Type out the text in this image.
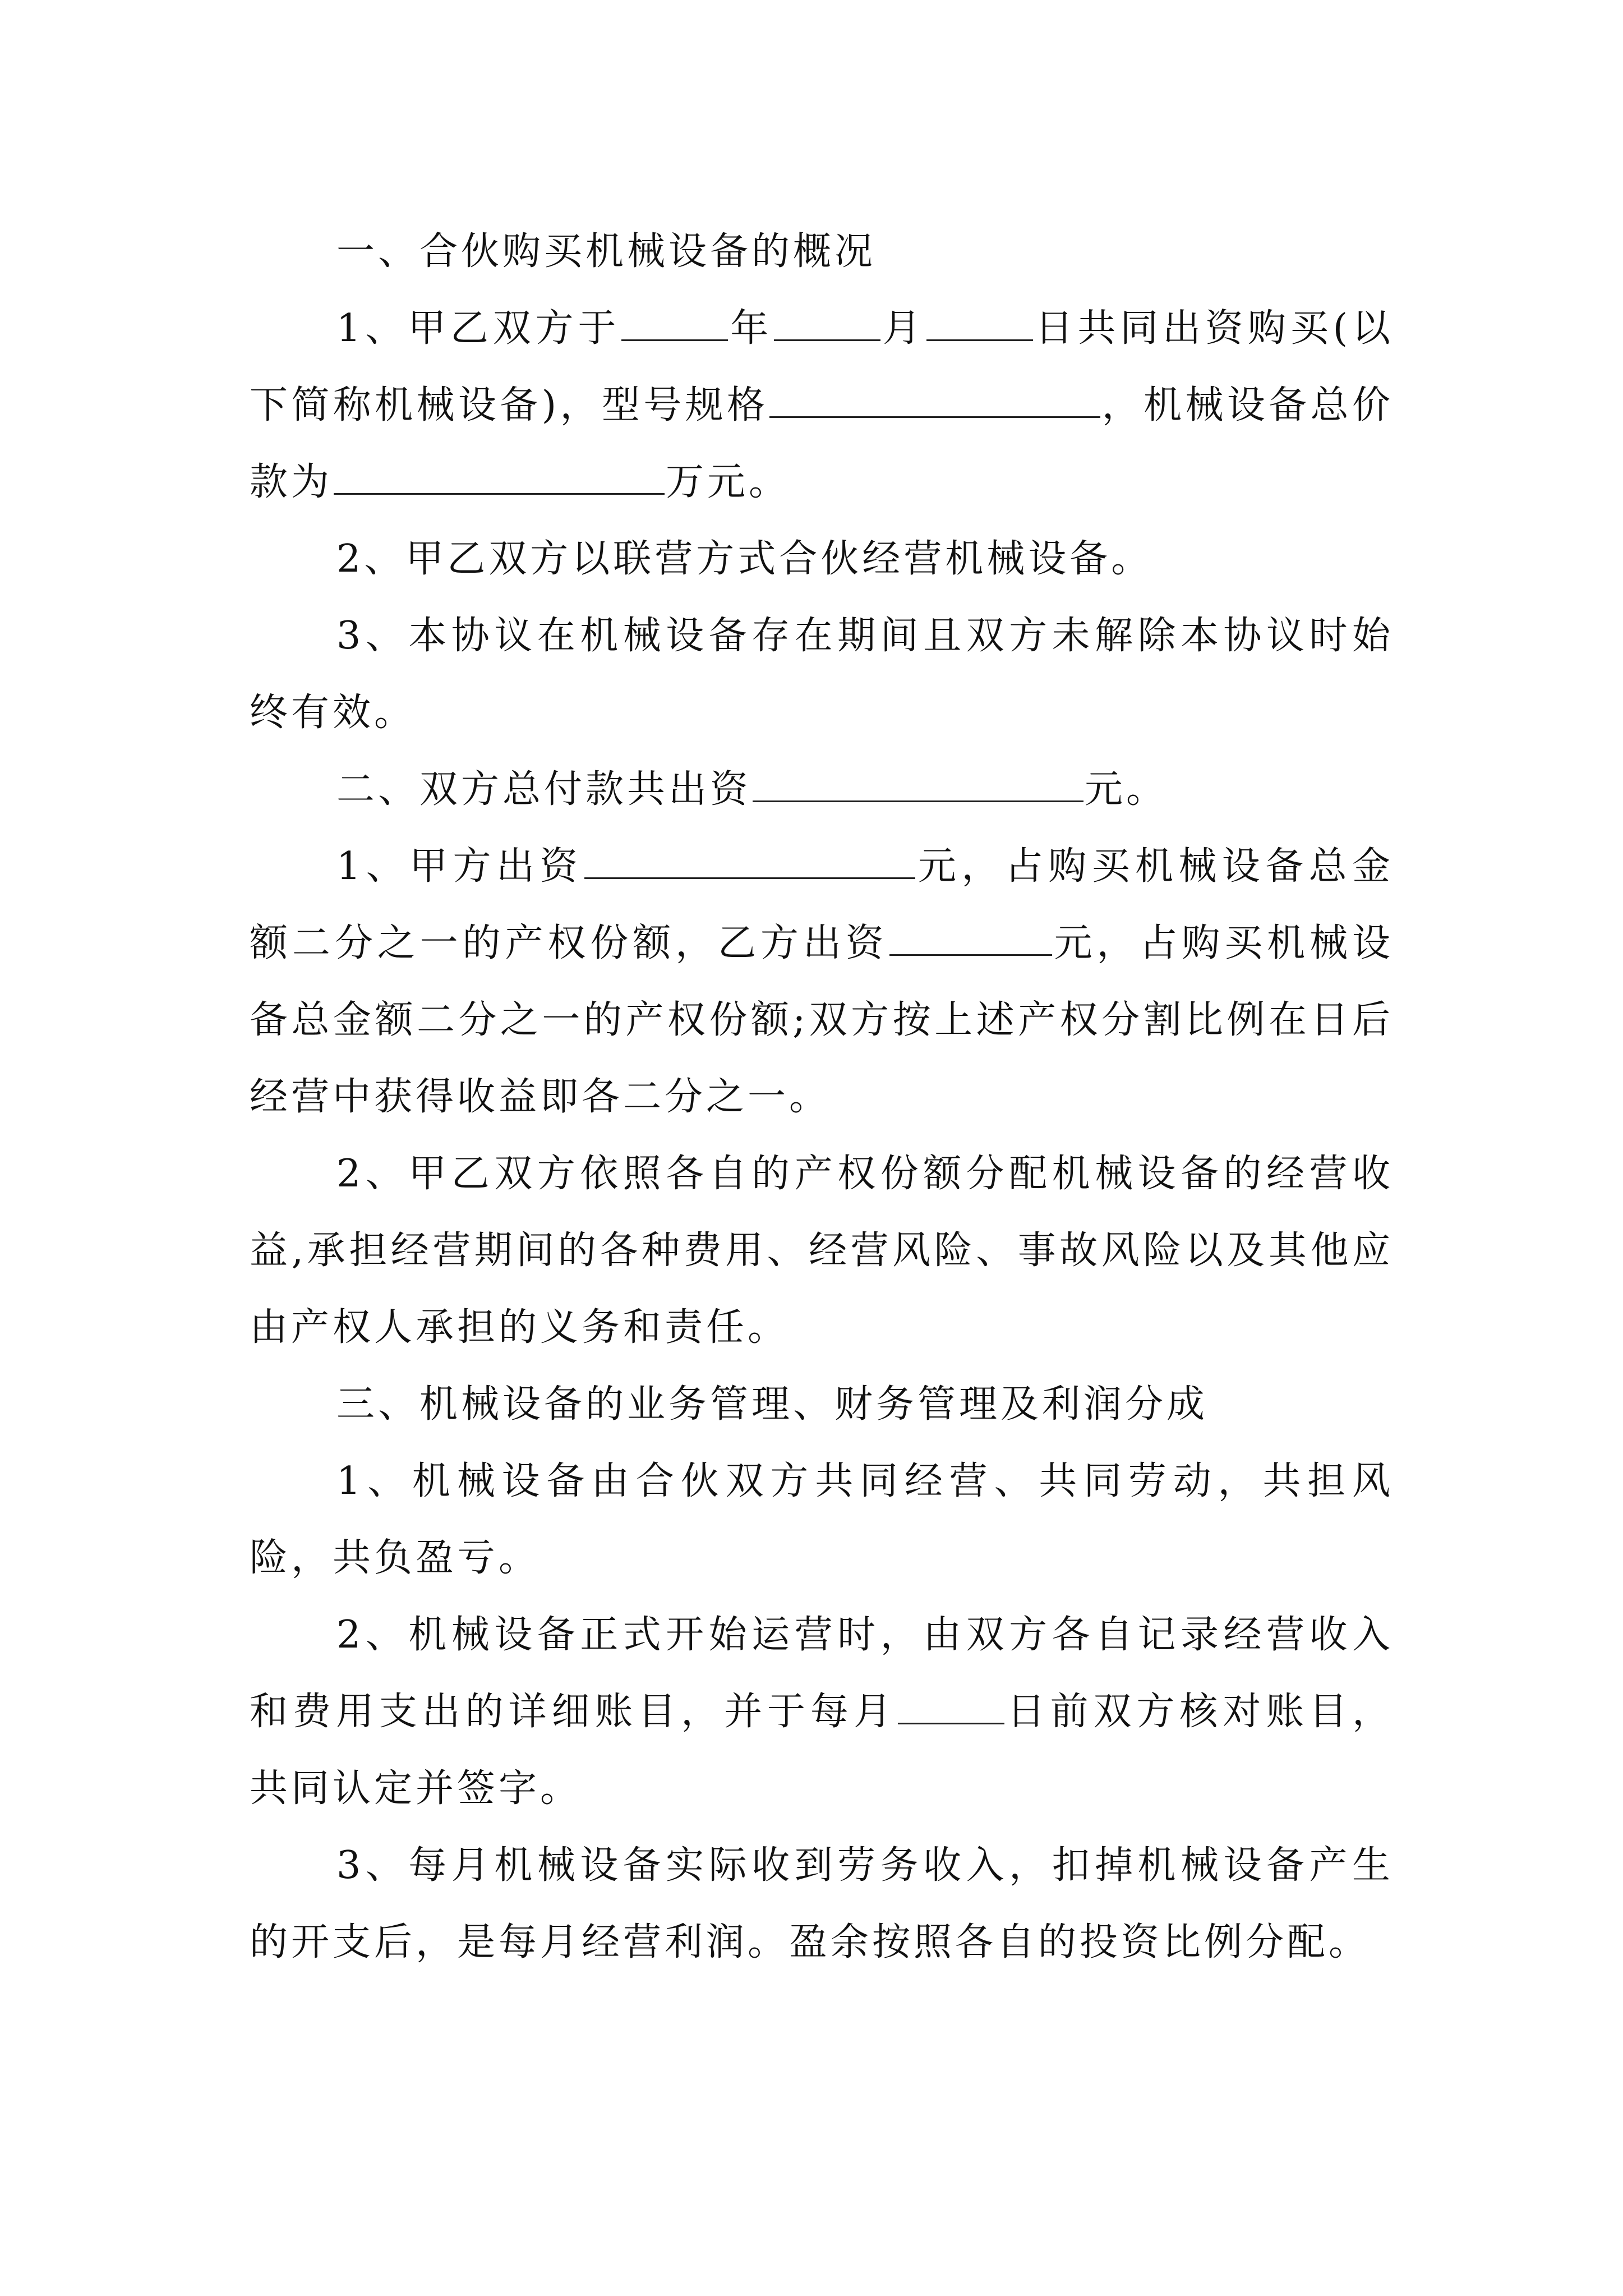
一、合伙购买机械设备的概况

1、甲乙双方于	年	月	日共同出资购买(以下简称机械设备)，型号规格	，机械设备总价款为	万元。

2、甲乙双方以联营方式合伙经营机械设备。

3、本协议在机械设备存在期间且双方未解除本协议时始终有效。

二、双方总付款共出资	元。

1、甲方出资	元，占购买机械设备总金额二分之一的产权份额，乙方出资	元，占购买机械设备总金额二分之一的产权份额;双方按上述产权分割比例在日后经营中获得收益即各二分之一。

2、甲乙双方依照各自的产权份额分配机械设备的经营收益,承担经营期间的各种费用、经营风险、事故风险以及其他应由产权人承担的义务和责任。

三、机械设备的业务管理、财务管理及利润分成

1、机械设备由合伙双方共同经营、共同劳动，共担风险，共负盈亏。

2、机械设备正式开始运营时，由双方各自记录经营收入和费用支出的详细账目，并于每月	日前双方核对账目，共同认定并签字。

3、每月机械设备实际收到劳务收入，扣掉机械设备产生的开支后，是每月经营利润。盈余按照各自的投资比例分配。
